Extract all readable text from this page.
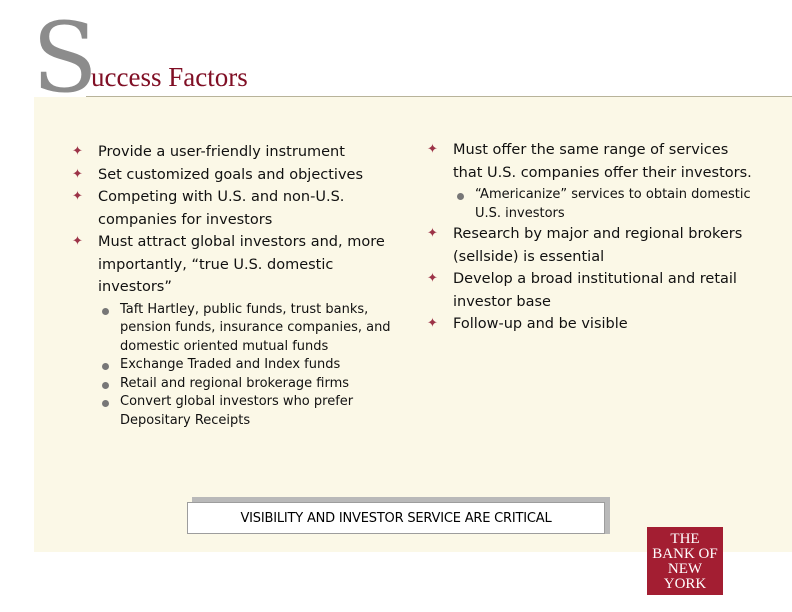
S
uccess Factors
✦ Provide a user-friendly instrument
✦ Set customized goals and objectives
✦ Competing with U.S. and non-U.S. companies for investors
✦ Must attract global investors and, more importantly, “true U.S. domestic investors”
Taft Hartley, public funds, trust banks, pension funds, insurance companies, and domestic oriented mutual funds
Exchange Traded and Index funds
Retail and regional brokerage firms
Convert global investors who prefer Depositary Receipts
✦ Must offer the same range of services that U.S. companies offer their investors.
“Americanize” services to obtain domestic U.S. investors
✦ Research by major and regional brokers (sellside) is essential
✦ Develop a broad institutional and retail investor base
✦ Follow-up and be visible
VISIBILITY AND INVESTOR SERVICE ARE CRITICAL
THE
BANK OF
NEW
YORK
